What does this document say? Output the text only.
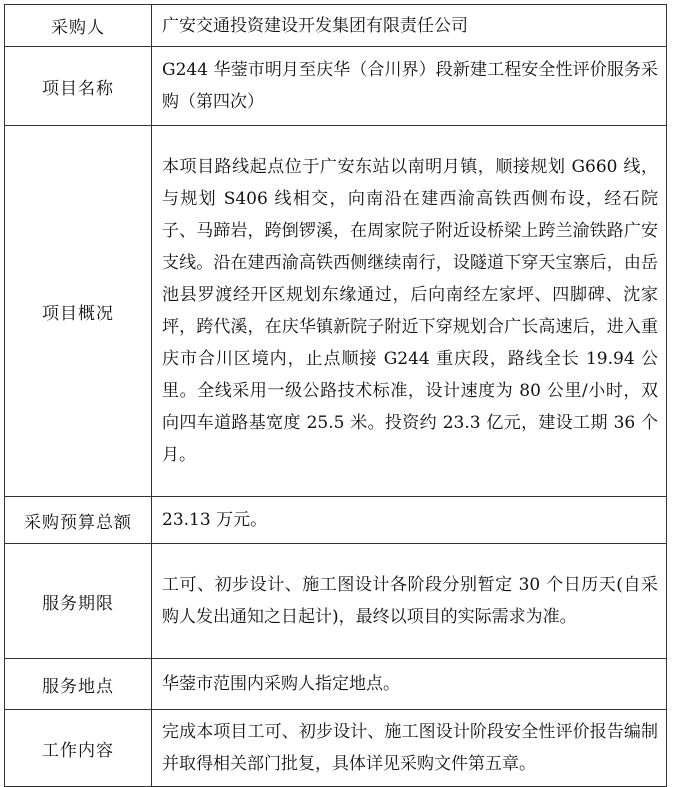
采购人	广安交通投资建设开发集团有限责任公司
项目名称	G244 华蓥市明月至庆华（合川界）段新建工程安全性评价服务采购（第四次）
项目概况	本项目路线起点位于广安东站以南明月镇，顺接规划 G660 线，与规划 S406 线相交，向南沿在建西渝高铁西侧布设，经石院子、马蹄岩，跨倒锣溪，在周家院子附近设桥梁上跨兰渝铁路广安支线。沿在建西渝高铁西侧继续南行，设隧道下穿天宝寨后，由岳池县罗渡经开区规划东缘通过，后向南经左家坪、四脚碑、沈家坪，跨代溪，在庆华镇新院子附近下穿规划合广长高速后，进入重庆市合川区境内，止点顺接 G244 重庆段，路线全长 19.94 公里。全线采用一级公路技术标准，设计速度为 80 公里/小时，双向四车道路基宽度 25.5 米。投资约 23.3 亿元，建设工期 36 个月。
采购预算总额	23.13 万元。
服务期限	工可、初步设计、施工图设计各阶段分别暂定 30 个日历天(自采购人发出通知之日起计)，最终以项目的实际需求为准。
服务地点	华蓥市范围内采购人指定地点。
工作内容	完成本项目工可、初步设计、施工图设计阶段安全性评价报告编制并取得相关部门批复，具体详见采购文件第五章。
